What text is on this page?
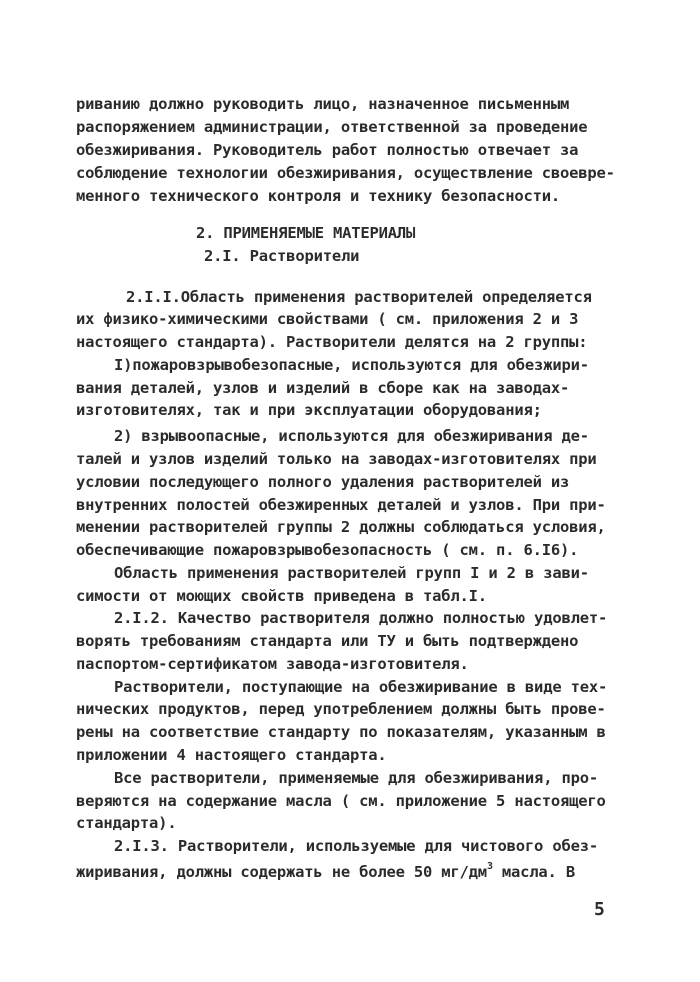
риванию должно руководить лицо, назначенное письменным
распоряжением администрации, ответственной за проведение
обезжиривания. Руководитель работ полностью отвечает за
соблюдение технологии обезжиривания, осуществление своевре-
менного технического контроля и технику безопасности.
2. ПРИМЕНЯЕМЫЕ МАТЕРИАЛЫ
2.I. Растворители
2.I.I.Область применения растворителей определяется
их физико-химическими свойствами ( см. приложения 2 и 3
настоящего стандарта). Растворители делятся на 2 группы:
I)пожаровзрывобезопасные, используются для обезжири-
вания деталей, узлов и изделий в сборе как на заводах-
изготовителях, так и при эксплуатации оборудования;
2) взрывоопасные, используются для обезжиривания де-
талей и узлов изделий только на заводах-изготовителях при
условии последующего полного удаления растворителей из
внутренних полостей обезжиренных деталей и узлов. При при-
менении растворителей группы 2 должны соблюдаться условия,
обеспечивающие пожаровзрывобезопасность ( см. п. 6.I6).
Область применения растворителей групп I и 2 в зави-
симости от моющих свойств приведена в табл.I.
2.I.2. Качество растворителя должно полностью удовлет-
ворять требованиям стандарта или ТУ и быть подтверждено
паспортом-сертификатом завода-изготовителя.
Растворители, поступающие на обезжиривание в виде тех-
нических продуктов, перед употреблением должны быть прове-
рены на соответствие стандарту по показателям, указанным в
приложении 4 настоящего стандарта.
Все растворители, применяемые для обезжиривания, про-
веряются на содержание масла ( см. приложение 5 настоящего
стандарта).
2.I.3. Растворители, используемые для чистового обез-
жиривания, должны содержать не более 50 $мг/дм^3$ масла. В
5
